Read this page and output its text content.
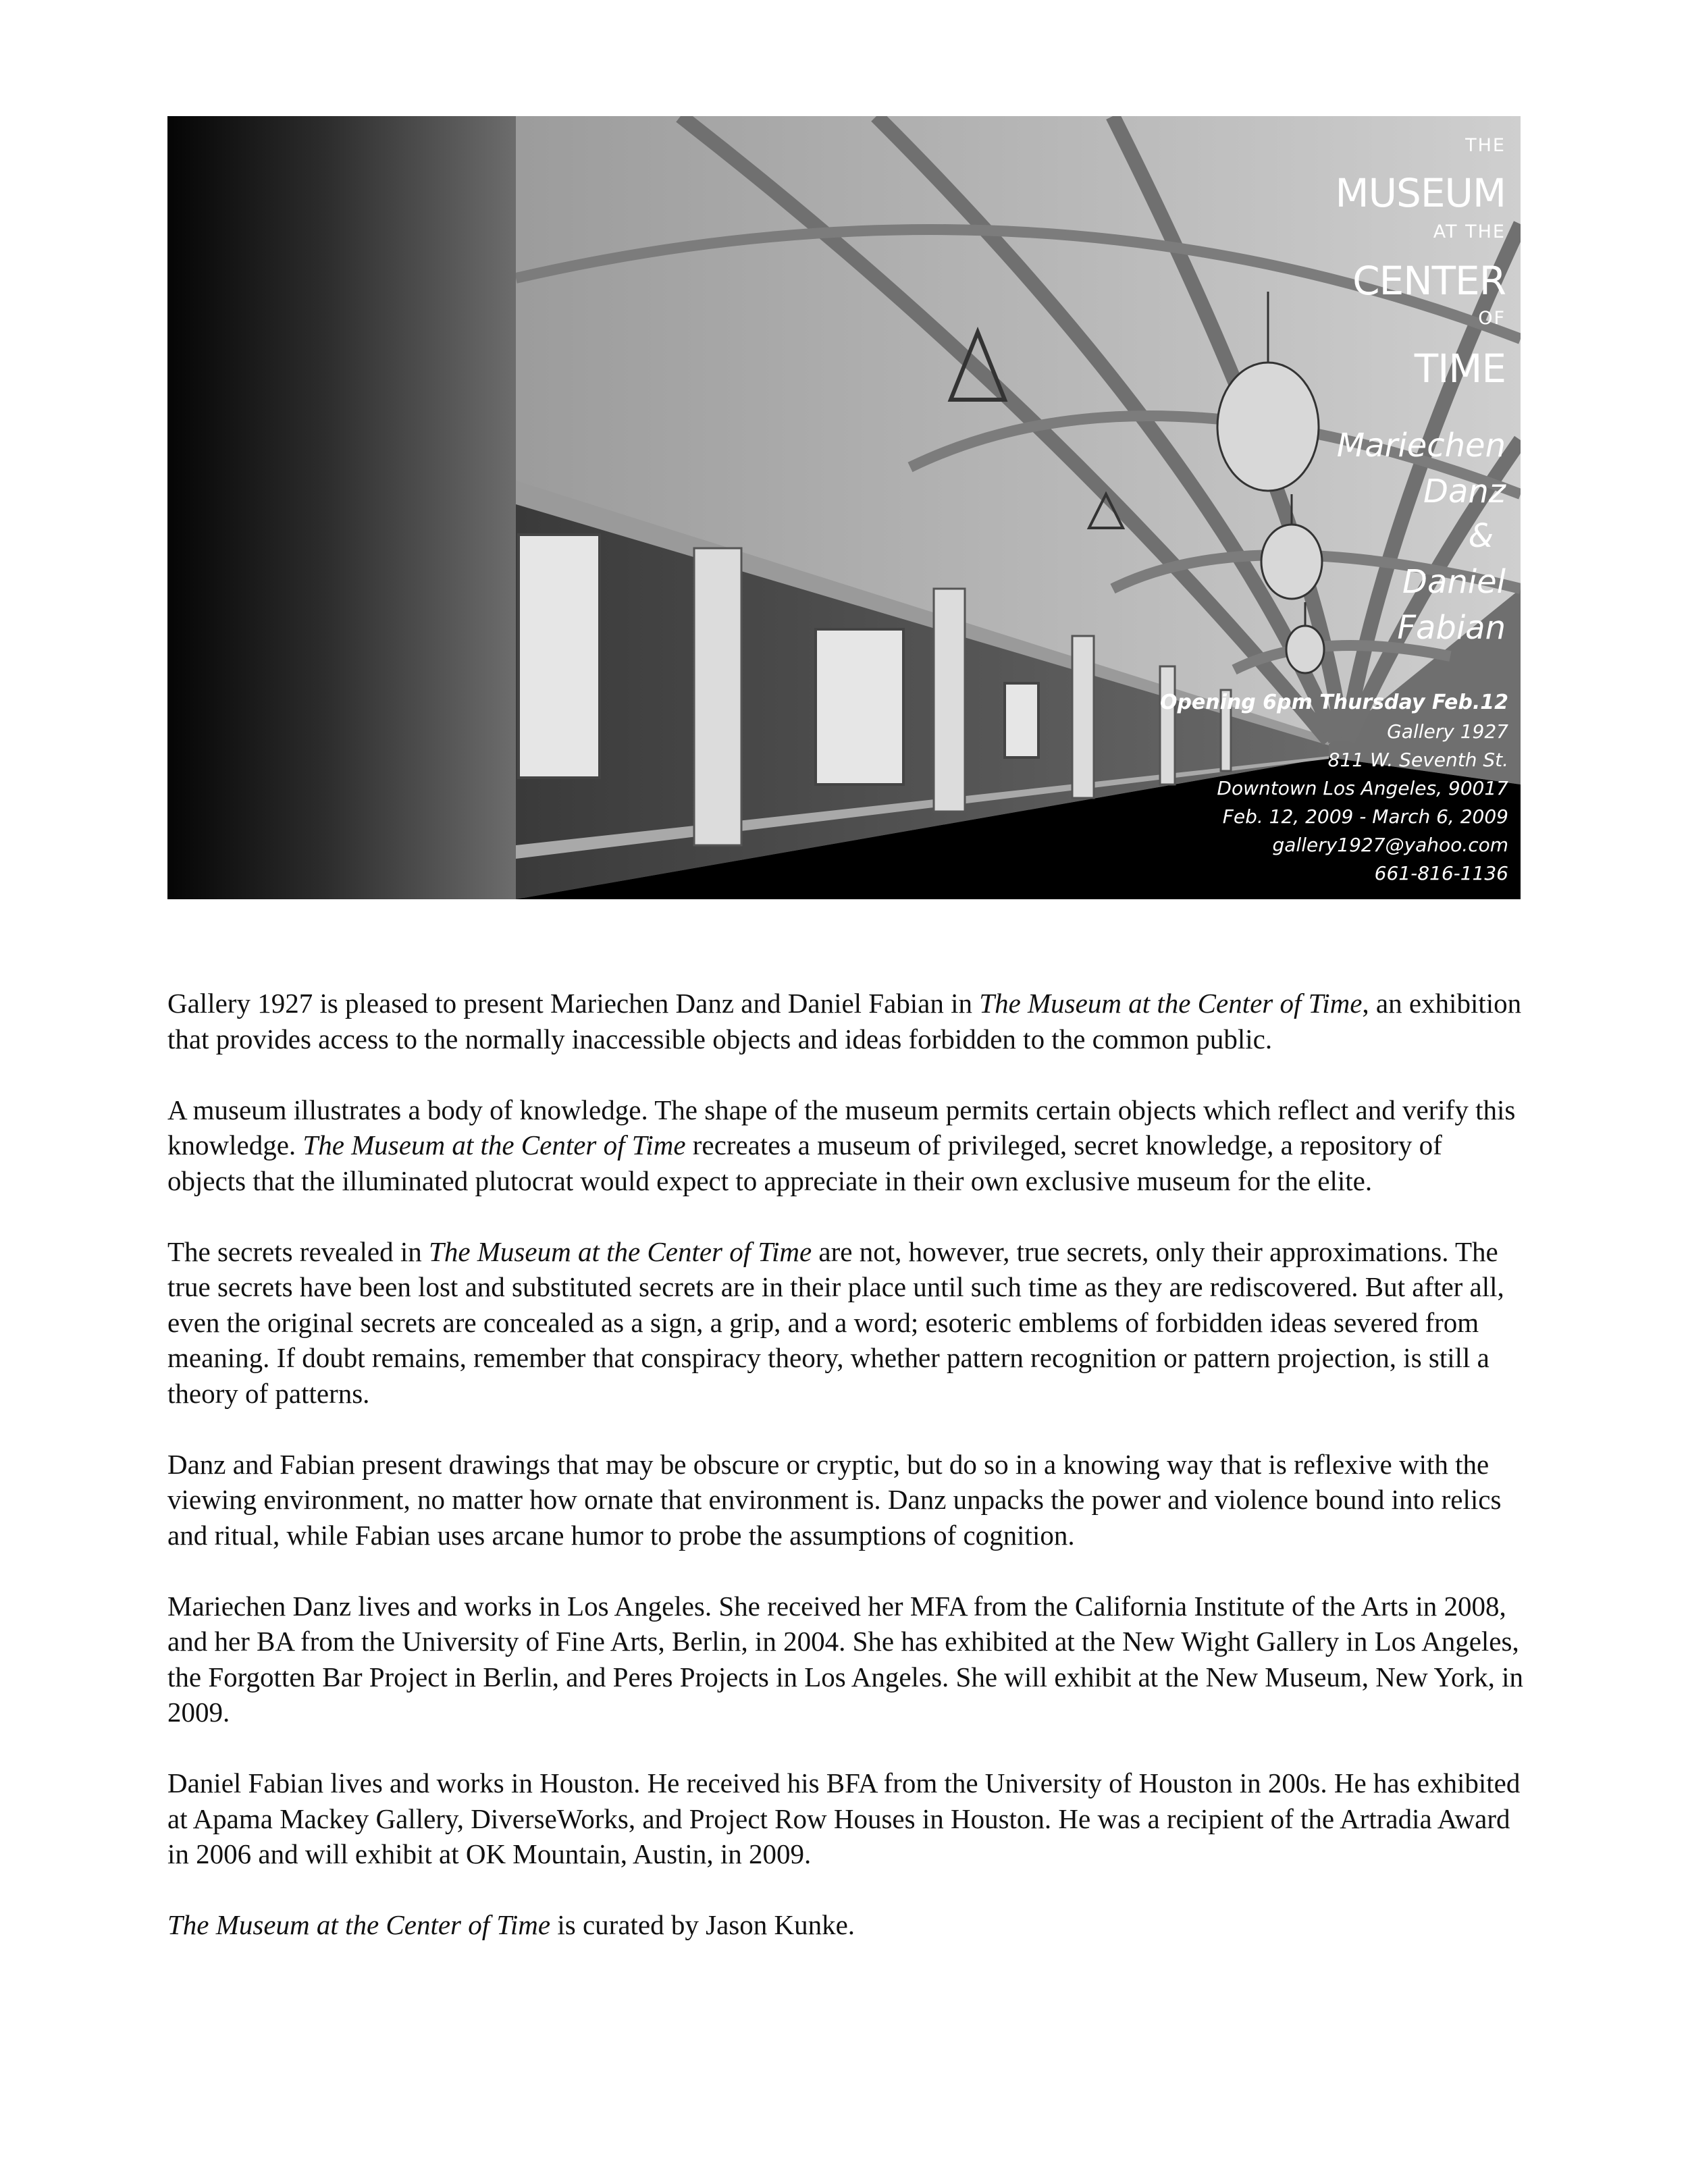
THE
MUSEUM
AT THE
CENTER
OF
TIME
Mariechen
Danz
&
Daniel
Fabian
Opening 6pm Thursday Feb.12
Gallery 1927
811 W. Seventh St.
Downtown Los Angeles, 90017
Feb. 12, 2009 - March 6, 2009
gallery1927@yahoo.com
661-816-1136

Gallery 1927 is pleased to present Mariechen Danz and Daniel Fabian in The Museum at the Center of Time, an exhibition that provides access to the normally inaccessible objects and ideas forbidden to the common public.

A museum illustrates a body of knowledge. The shape of the museum permits certain objects which reflect and verify this knowledge. The Museum at the Center of Time recreates a museum of privileged, secret knowledge, a repository of objects that the illuminated plutocrat would expect to appreciate in their own exclusive museum for the elite.

The secrets revealed in The Museum at the Center of Time are not, however, true secrets, only their approximations. The true secrets have been lost and substituted secrets are in their place until such time as they are rediscovered. But after all, even the original secrets are concealed as a sign, a grip, and a word; esoteric emblems of forbidden ideas severed from meaning. If doubt remains, remember that conspiracy theory, whether pattern recognition or pattern projection, is still a theory of patterns.

Danz and Fabian present drawings that may be obscure or cryptic, but do so in a knowing way that is reflexive with the viewing environment, no matter how ornate that environment is. Danz unpacks the power and violence bound into relics and ritual, while Fabian uses arcane humor to probe the assumptions of cognition.

Mariechen Danz lives and works in Los Angeles. She received her MFA from the California Institute of the Arts in 2008, and her BA from the University of Fine Arts, Berlin, in 2004. She has exhibited at the New Wight Gallery in Los Angeles, the Forgotten Bar Project in Berlin, and Peres Projects in Los Angeles. She will exhibit at the New Museum, New York, in 2009.

Daniel Fabian lives and works in Houston. He received his BFA from the University of Houston in 200s. He has exhibited at Apama Mackey Gallery, DiverseWorks, and Project Row Houses in Houston. He was a recipient of the Artradia Award in 2006 and will exhibit at OK Mountain, Austin, in 2009.

The Museum at the Center of Time is curated by Jason Kunke.
